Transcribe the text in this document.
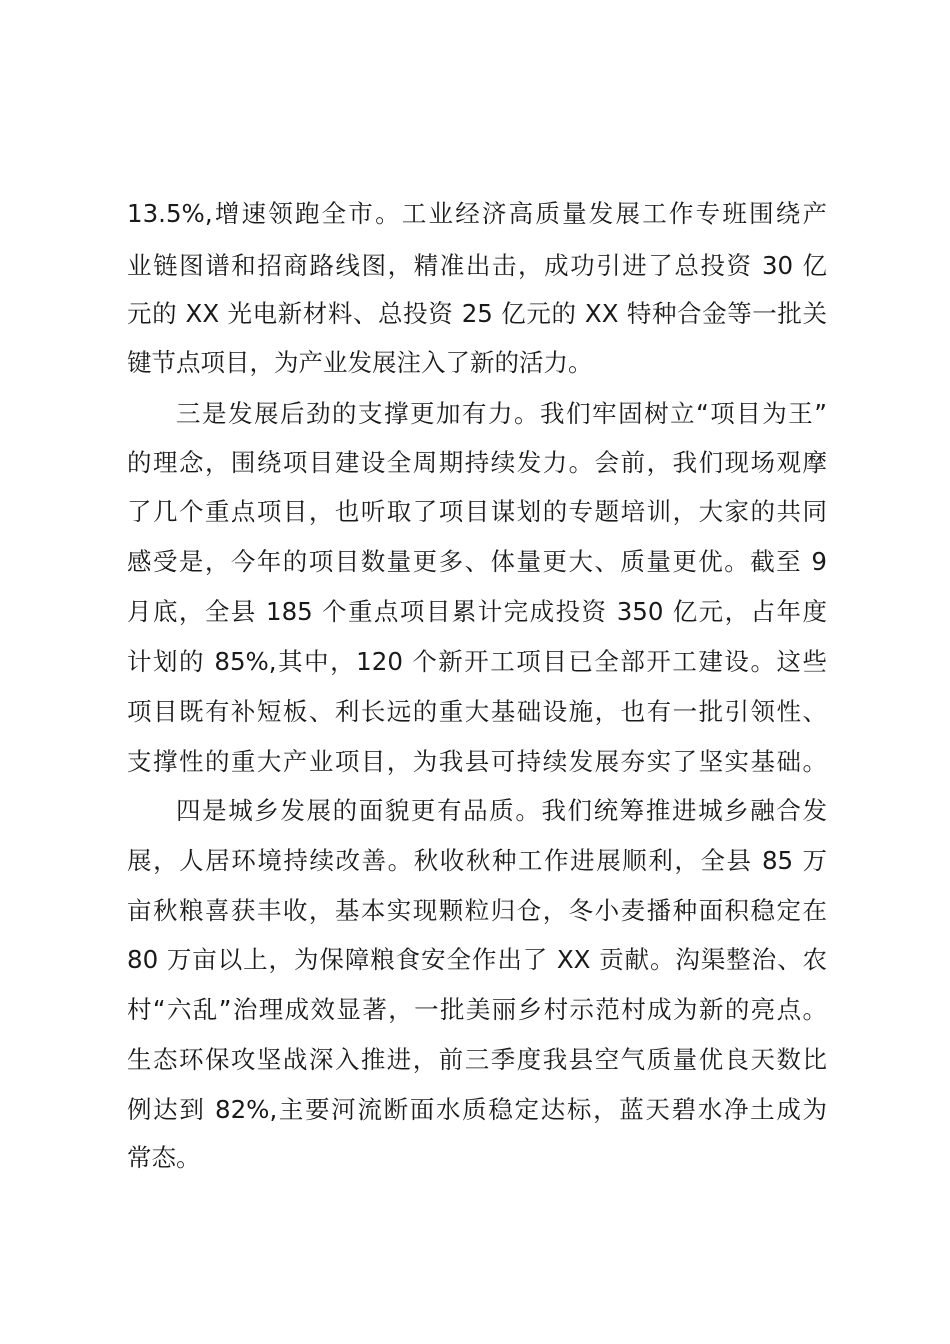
13.5%,增速领跑全市。工业经济高质量发展工作专班围绕产
业链图谱和招商路线图，精准出击，成功引进了总投资 30 亿
元的 XX 光电新材料、总投资 25 亿元的 XX 特种合金等一批关
键节点项目，为产业发展注入了新的活力。
三是发展后劲的支撑更加有力。我们牢固树立“项目为王”
的理念，围绕项目建设全周期持续发力。会前，我们现场观摩
了几个重点项目，也听取了项目谋划的专题培训，大家的共同
感受是，今年的项目数量更多、体量更大、质量更优。截至 9
月底，全县 185 个重点项目累计完成投资 350 亿元，占年度
计划的 85%,其中，120 个新开工项目已全部开工建设。这些
项目既有补短板、利长远的重大基础设施，也有一批引领性、
支撑性的重大产业项目，为我县可持续发展夯实了坚实基础。
四是城乡发展的面貌更有品质。我们统筹推进城乡融合发
展，人居环境持续改善。秋收秋种工作进展顺利，全县 85 万
亩秋粮喜获丰收，基本实现颗粒归仓，冬小麦播种面积稳定在
80 万亩以上，为保障粮食安全作出了 XX 贡献。沟渠整治、农
村“六乱”治理成效显著，一批美丽乡村示范村成为新的亮点。
生态环保攻坚战深入推进，前三季度我县空气质量优良天数比
例达到 82%,主要河流断面水质稳定达标，蓝天碧水净土成为
常态。
